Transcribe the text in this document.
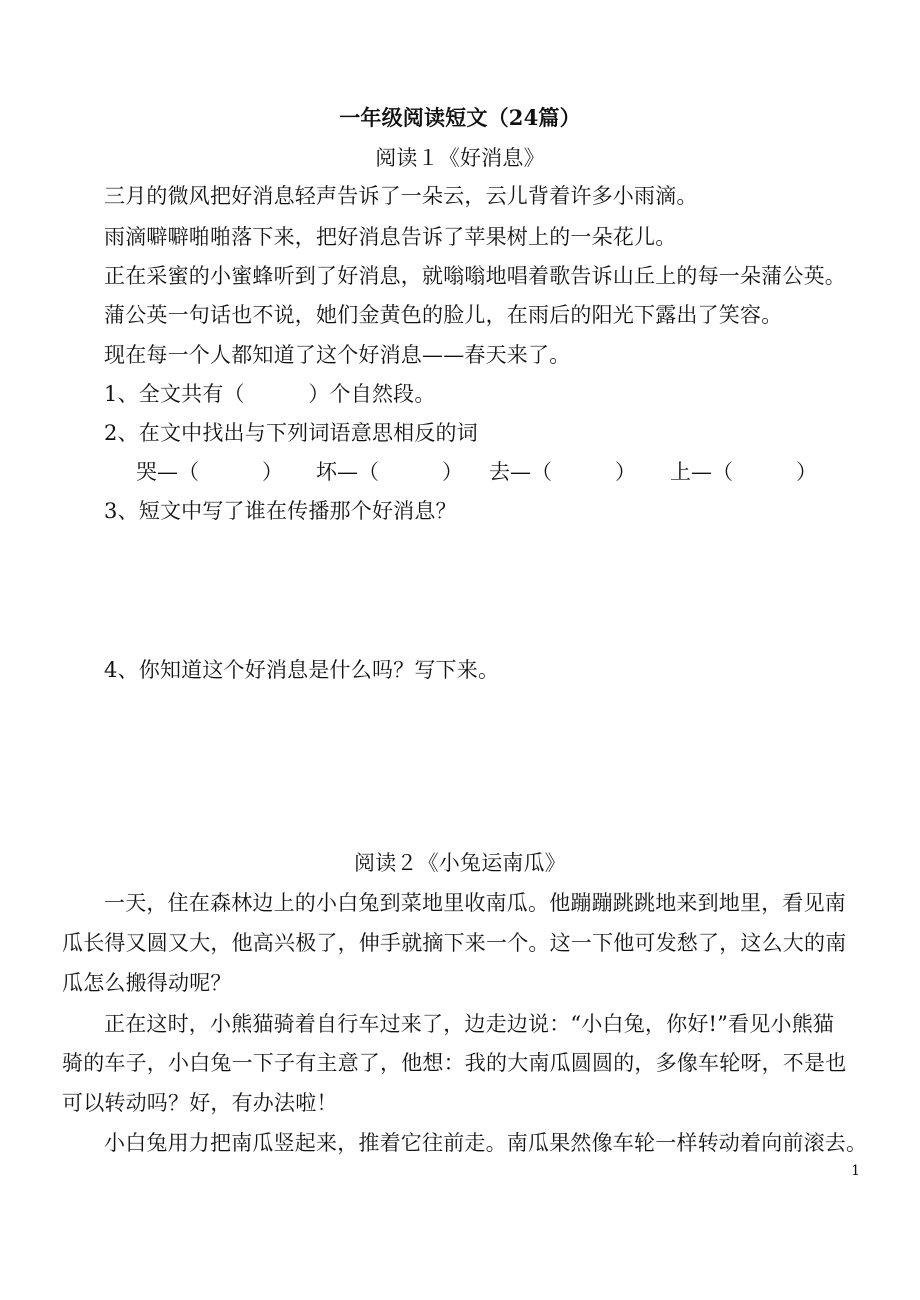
一年级阅读短文（24篇）
阅读１《好消息》
三月的微风把好消息轻声告诉了一朵云，云儿背着许多小雨滴。
雨滴噼噼啪啪落下来，把好消息告诉了苹果树上的一朵花儿。
正在采蜜的小蜜蜂听到了好消息，就嗡嗡地唱着歌告诉山丘上的每一朵蒲公英。
蒲公英一句话也不说，她们金黄色的脸儿，在雨后的阳光下露出了笑容。
现在每一个人都知道了这个好消息——春天来了。
1、全文共有（　　　）个自然段。
2、在文中找出与下列词语意思相反的词
哭—（　　　） 坏—（　　　） 去—（　　　） 上—（　　　）
3、短文中写了谁在传播那个好消息？
4、你知道这个好消息是什么吗？写下来。
阅读２《小兔运南瓜》
一天，住在森林边上的小白兔到菜地里收南瓜。他蹦蹦跳跳地来到地里，看见南
瓜长得又圆又大，他高兴极了，伸手就摘下来一个。这一下他可发愁了，这么大的南
瓜怎么搬得动呢？
正在这时，小熊猫骑着自行车过来了，边走边说：“小白兔，你好!”看见小熊猫
骑的车子，小白兔一下子有主意了，他想：我的大南瓜圆圆的，多像车轮呀，不是也
可以转动吗？好，有办法啦！
小白兔用力把南瓜竖起来，推着它往前走。南瓜果然像车轮一样转动着向前滚去。
1
